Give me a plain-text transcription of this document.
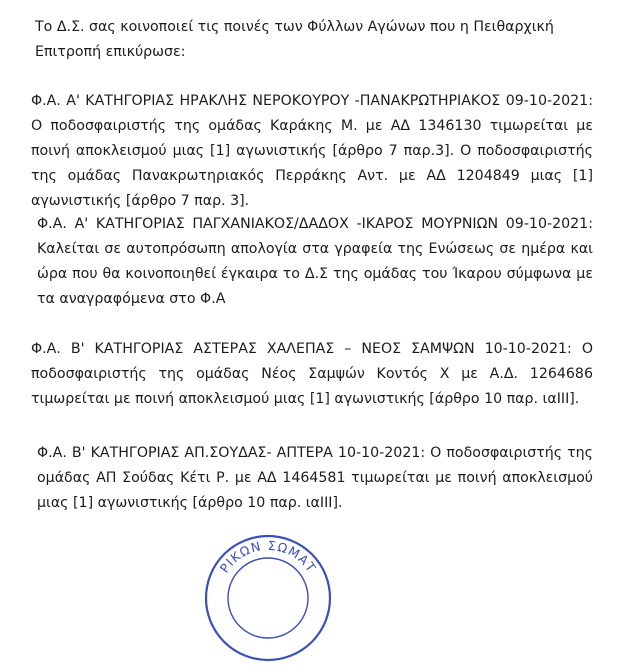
Το Δ.Σ. σας κοινοποιεί τις ποινές των Φύλλων Αγώνων που η Πειθαρχική Επιτροπή επικύρωσε:

Φ.Α. Α' ΚΑΤΗΓΟΡΙΑΣ ΗΡΑΚΛΗΣ ΝΕΡΟΚΟΥΡΟΥ -ΠΑΝΑΚΡΩΤΗΡΙΑΚΟΣ 09-10-2021: Ο ποδοσφαιριστής της ομάδας Καράκης Μ. με ΑΔ 1346130 τιμωρείται με ποινή αποκλεισμού μιας [1] αγωνιστικής [άρθρο 7 παρ.3]. Ο ποδοσφαιριστής της ομάδας Πανακρωτηριακός Περράκης Αντ. με ΑΔ 1204849 μιας [1] αγωνιστικής [άρθρο 7 παρ. 3].

Φ.Α. Α' ΚΑΤΗΓΟΡΙΑΣ ΠΑΓΧΑΝΙΑΚΟΣ/ΔΑΔΟΧ -ΙΚΑΡΟΣ ΜΟΥΡΝΙΩΝ 09-10-2021: Καλείται σε αυτοπρόσωπη απολογία στα γραφεία της Ενώσεως σε ημέρα και ώρα που θα κοινοποιηθεί έγκαιρα το Δ.Σ της ομάδας του Ίκαρου σύμφωνα με τα αναγραφόμενα στο Φ.Α

Φ.Α. Β' ΚΑΤΗΓΟΡΙΑΣ ΑΣΤΕΡΑΣ ΧΑΛΕΠΑΣ – ΝΕΟΣ ΣΑΜΨΩΝ 10-10-2021: Ο ποδοσφαιριστής της ομάδας Νέος Σαμψών Κοντός Χ με Α.Δ. 1264686 τιμωρείται με ποινή αποκλεισμού μιας [1] αγωνιστικής [άρθρο 10 παρ. ιαIII].

Φ.Α. Β' ΚΑΤΗΓΟΡΙΑΣ ΑΠ.ΣΟΥΔΑΣ- ΑΠΤΕΡΑ 10-10-2021: Ο ποδοσφαιριστής της ομάδας ΑΠ Σούδας Κέτι Ρ. με ΑΔ 1464581 τιμωρείται με ποινή αποκλεισμού μιας [1] αγωνιστικής [άρθρο 10 παρ. ιαIII].

ΡΙΚΩΝ ΣΩΜΑΤ
